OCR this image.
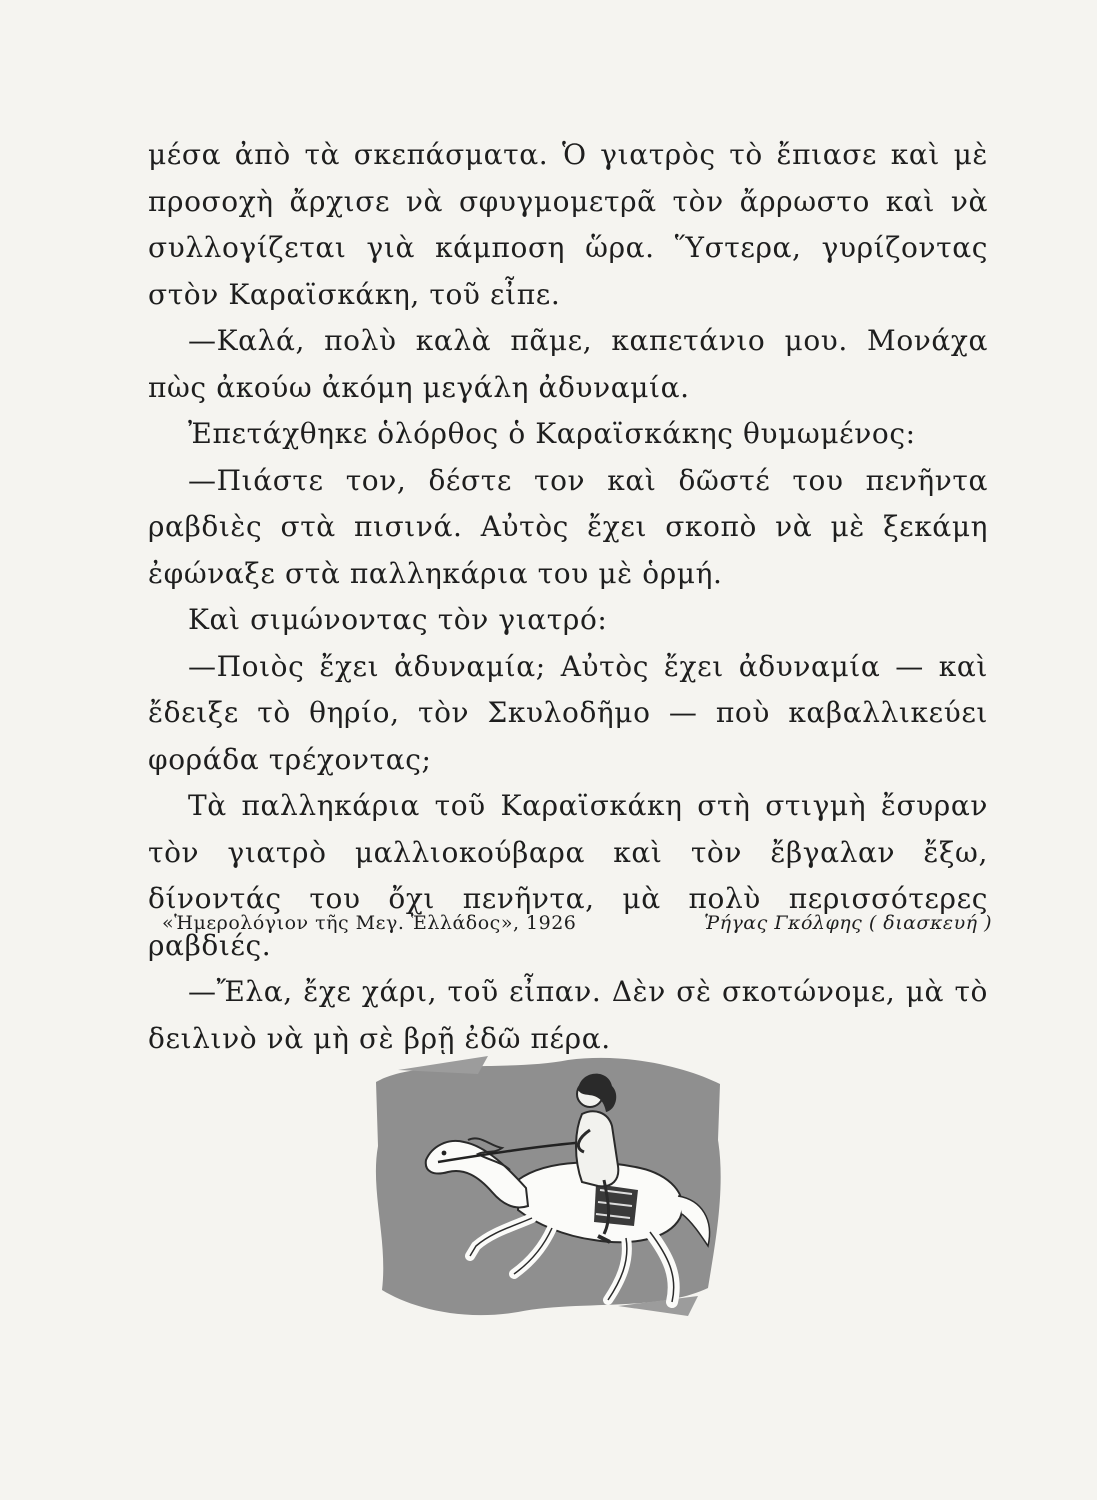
μέσα ἀπὸ τὰ σκεπάσματα. Ὁ γιατρὸς τὸ ἔπιασε καὶ μὲ προσοχὴ ἄρχισε νὰ σφυγμομετρᾶ τὸν ἄρρωστο καὶ νὰ συλλογίζεται γιὰ κάμποση ὥρα. Ὕστερα, γυρίζοντας στὸν Καραϊσκάκη, τοῦ εἶπε.

—Καλά, πολὺ καλὰ πᾶμε, καπετάνιο μου. Μονάχα πὼς ἀκούω ἀκόμη μεγάλη ἀδυναμία.

Ἐπετάχθηκε ὁλόρθος ὁ Καραϊσκάκης θυμωμένος:

—Πιάστε τον, δέστε τον καὶ δῶστέ του πενῆντα ραβδιὲς στὰ πισινά. Αὐτὸς ἔχει σκοπὸ νὰ μὲ ξεκάμη ἐφώναξε στὰ παλληκάρια του μὲ ὁρμή.

Καὶ σιμώνοντας τὸν γιατρό:

—Ποιὸς ἔχει ἀδυναμία; Αὐτὸς ἔχει ἀδυναμία — καὶ ἔδειξε τὸ θηρίο, τὸν Σκυλοδῆμο — ποὺ καβαλλικεύει φοράδα τρέχοντας;

Τὰ παλληκάρια τοῦ Καραϊσκάκη στὴ στιγμὴ ἔσυραν τὸν γιατρὸ μαλλιοκούβαρα καὶ τὸν ἔβγαλαν ἔξω, δίνοντάς του ὄχι πενῆντα, μὰ πολὺ περισσότερες ραβδιές.

—Ἔλα, ἔχε χάρι, τοῦ εἶπαν. Δὲν σὲ σκοτώνομε, μὰ τὸ δειλινὸ νὰ μὴ σὲ βρῇ ἐδῶ πέρα.

«Ἡμερολόγιον τῆς Μεγ. Ἑλλάδος», 1926	Ῥήγας Γκόλφης ( διασκευή )
